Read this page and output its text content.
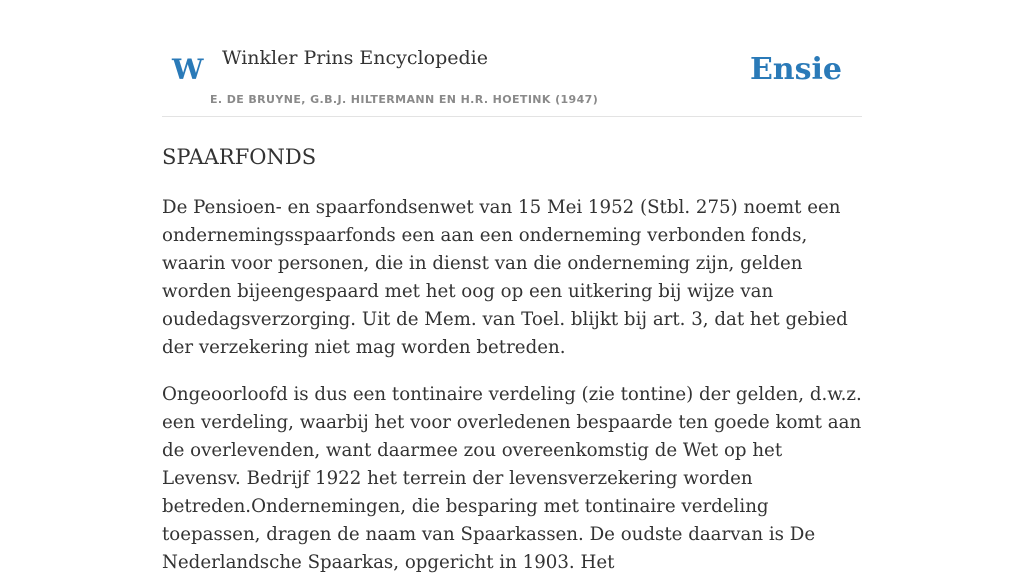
W Winkler Prins Encyclopedie
E. DE BRUYNE, G.B.J. HILTERMANN EN H.R. HOETINK (1947)
Ensie
SPAARFONDS

De Pensioen- en spaarfondsenwet van 15 Mei 1952 (Stbl. 275) noemt een ondernemingsspaarfonds een aan een onderneming verbonden fonds, waarin voor personen, die in dienst van die onderneming zijn, gelden worden bijeengespaard met het oog op een uitkering bij wijze van oudedagsverzorging. Uit de Mem. van Toel. blijkt bij art. 3, dat het gebied der verzekering niet mag worden betreden.

Ongeoorloofd is dus een tontinaire verdeling (zie tontine) der gelden, d.w.z. een verdeling, waarbij het voor overledenen bespaarde ten goede komt aan de overlevenden, want daarmee zou overeenkomstig de Wet op het Levensv. Bedrijf 1922 het terrein der levensverzekering worden betreden.Ondernemingen, die besparing met tontinaire verdeling toepassen, dragen de naam van Spaarkassen. De oudste daarvan is De Nederlandsche Spaarkas, opgericht in 1903. Het
